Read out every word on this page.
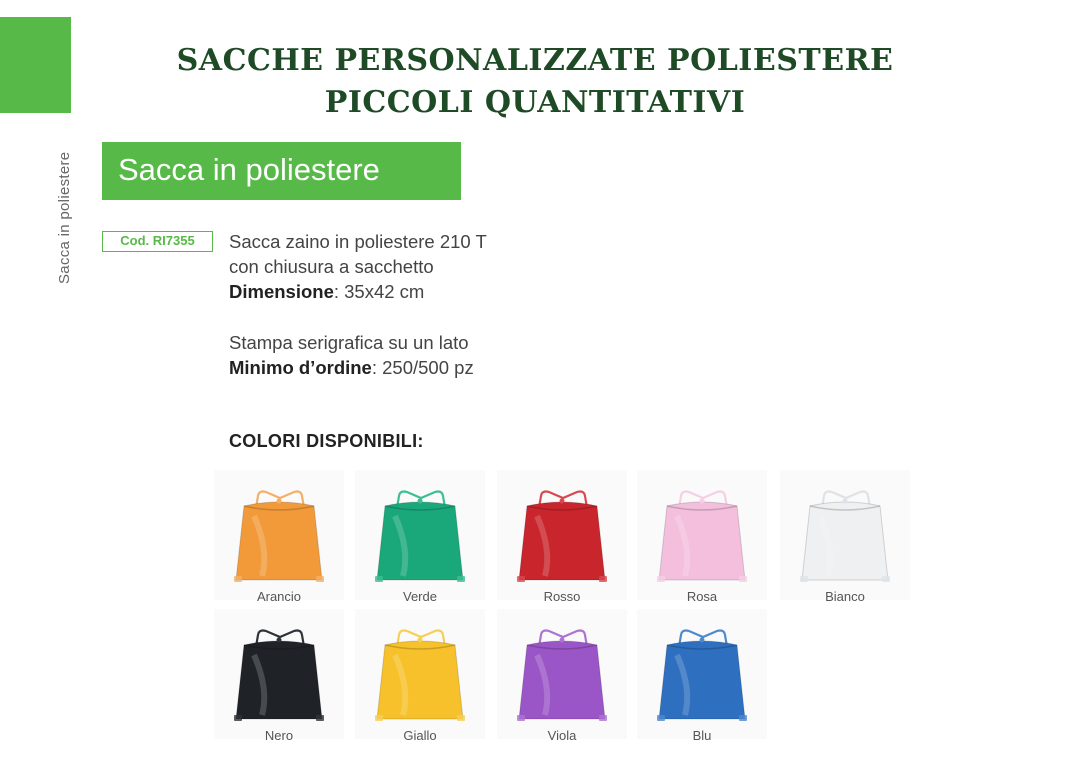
Sacca in poliestere
SACCHE PERSONALIZZATE POLIESTERE
PICCOLI QUANTITATIVI
Sacca in poliestere
Cod. RI7355	Sacca zaino in poliestere 210 T
con chiusura a sacchetto
Dimensione: 35x42 cm
Stampa serigrafica su un lato
Minimo d’ordine: 250/500 pz
COLORI DISPONIBILI:
Arancio	Verde	Rosso	Rosa	Bianco
Nero	Giallo	Viola	Blu
